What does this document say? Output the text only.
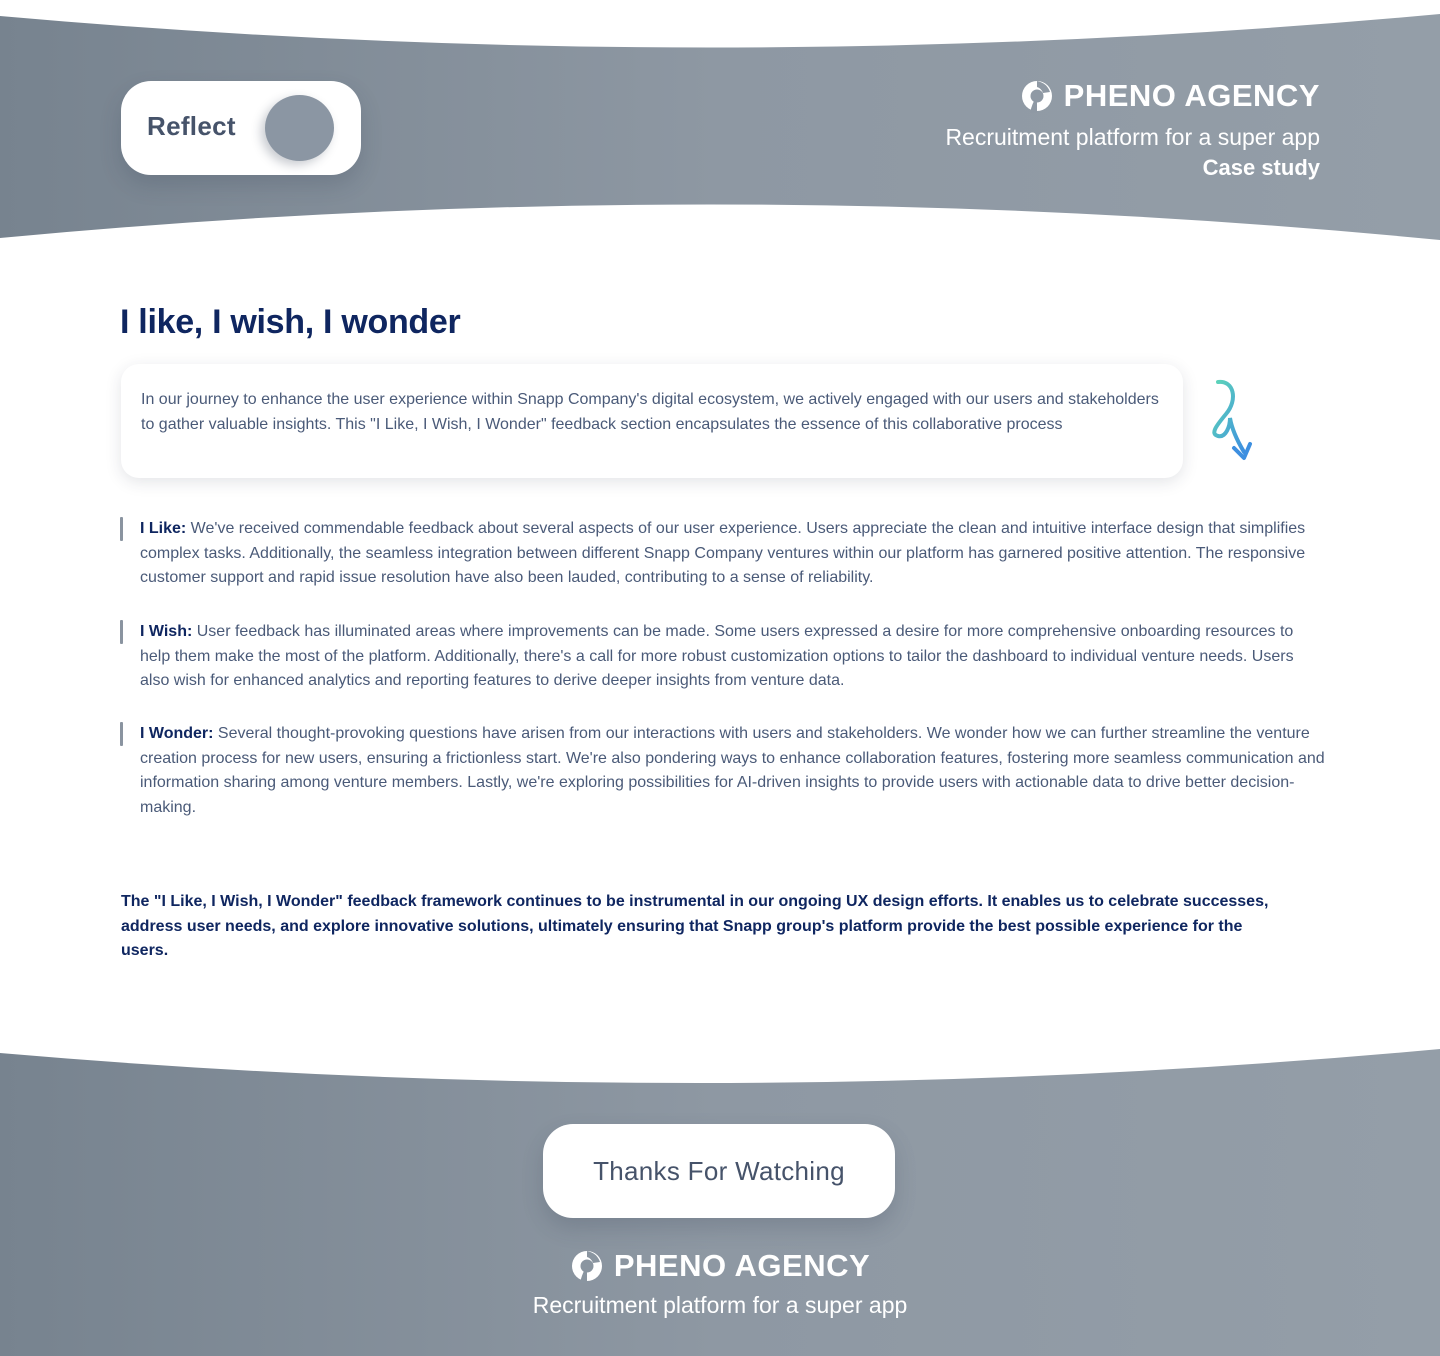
Reflect
PHENO AGENCY
Recruitment platform for a super app
Case study
I like, I wish, I wonder
In our journey to enhance the user experience within Snapp Company's digital ecosystem, we actively engaged with our users and stakeholders to gather valuable insights. This "I Like, I Wish, I Wonder" feedback section encapsulates the essence of this collaborative process
I Like: We've received commendable feedback about several aspects of our user experience. Users appreciate the clean and intuitive interface design that simplifies complex tasks. Additionally, the seamless integration between different Snapp Company ventures within our platform has garnered positive attention. The responsive customer support and rapid issue resolution have also been lauded, contributing to a sense of reliability.
I Wish: User feedback has illuminated areas where improvements can be made. Some users expressed a desire for more comprehensive onboarding resources to help them make the most of the platform. Additionally, there's a call for more robust customization options to tailor the dashboard to individual venture needs. Users also wish for enhanced analytics and reporting features to derive deeper insights from venture data.
I Wonder: Several thought-provoking questions have arisen from our interactions with users and stakeholders. We wonder how we can further streamline the venture creation process for new users, ensuring a frictionless start. We're also pondering ways to enhance collaboration features, fostering more seamless communication and information sharing among venture members. Lastly, we're exploring possibilities for AI-driven insights to provide users with actionable data to drive better decision-making.
The "I Like, I Wish, I Wonder" feedback framework continues to be instrumental in our ongoing UX design efforts. It enables us to celebrate successes, address user needs, and explore innovative solutions, ultimately ensuring that Snapp group's platform provide the best possible experience for the users.
Thanks For Watching
PHENO AGENCY
Recruitment platform for a super app
